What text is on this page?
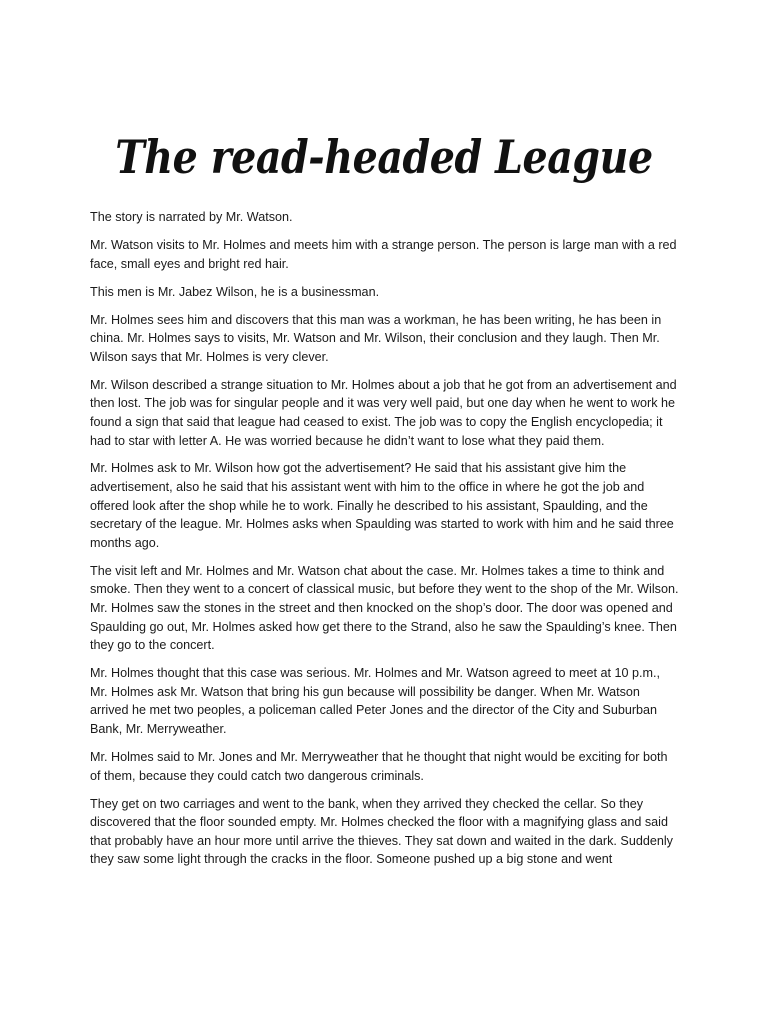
The read-headed League

The story is narrated by Mr. Watson.

Mr. Watson visits to Mr. Holmes and meets him with a strange person. The person is large man with a red face, small eyes and bright red hair.

This men is Mr. Jabez Wilson, he is a businessman.

Mr. Holmes sees him and discovers that this man was a workman, he has been writing, he has been in china. Mr. Holmes says to visits, Mr. Watson and Mr. Wilson, their conclusion and they laugh. Then Mr. Wilson says that Mr. Holmes is very clever.

Mr. Wilson described a strange situation to Mr. Holmes about a job that he got from an advertisement and then lost. The job was for singular people and it was very well paid, but one day when he went to work he found a sign that said that league had ceased to exist. The job was to copy the English encyclopedia; it had to star with letter A. He was worried because he didn’t want to lose what they paid them.

Mr. Holmes ask to Mr. Wilson how got the advertisement? He said that his assistant give him the advertisement, also he said that his assistant went with him to the office in where he got the job and offered look after the shop while he to work. Finally he described to his assistant, Spaulding, and the secretary of the league. Mr. Holmes asks when Spaulding was started to work with him and he said three months ago.

The visit left and Mr. Holmes and Mr. Watson chat about the case. Mr. Holmes takes a time to think and smoke. Then they went to a concert of classical music, but before they went to the shop of the Mr. Wilson. Mr. Holmes saw the stones in the street and then knocked on the shop’s door. The door was opened and Spaulding go out, Mr. Holmes asked how get there to the Strand, also he saw the Spaulding’s knee. Then they go to the concert.

Mr. Holmes thought that this case was serious. Mr. Holmes and Mr. Watson agreed to meet at 10 p.m., Mr. Holmes ask Mr. Watson that bring his gun because will possibility be danger. When Mr. Watson arrived he met two peoples, a policeman called Peter Jones and the director of the City and Suburban Bank, Mr. Merryweather.

Mr. Holmes said to Mr. Jones and Mr. Merryweather that he thought that night would be exciting for both of them, because they could catch two dangerous criminals.

They get on two carriages and went to the bank, when they arrived they checked the cellar. So they discovered that the floor sounded empty. Mr. Holmes checked the floor with a magnifying glass and said that probably have an hour more until arrive the thieves. They sat down and waited in the dark. Suddenly they saw some light through the cracks in the floor. Someone pushed up a big stone and went
